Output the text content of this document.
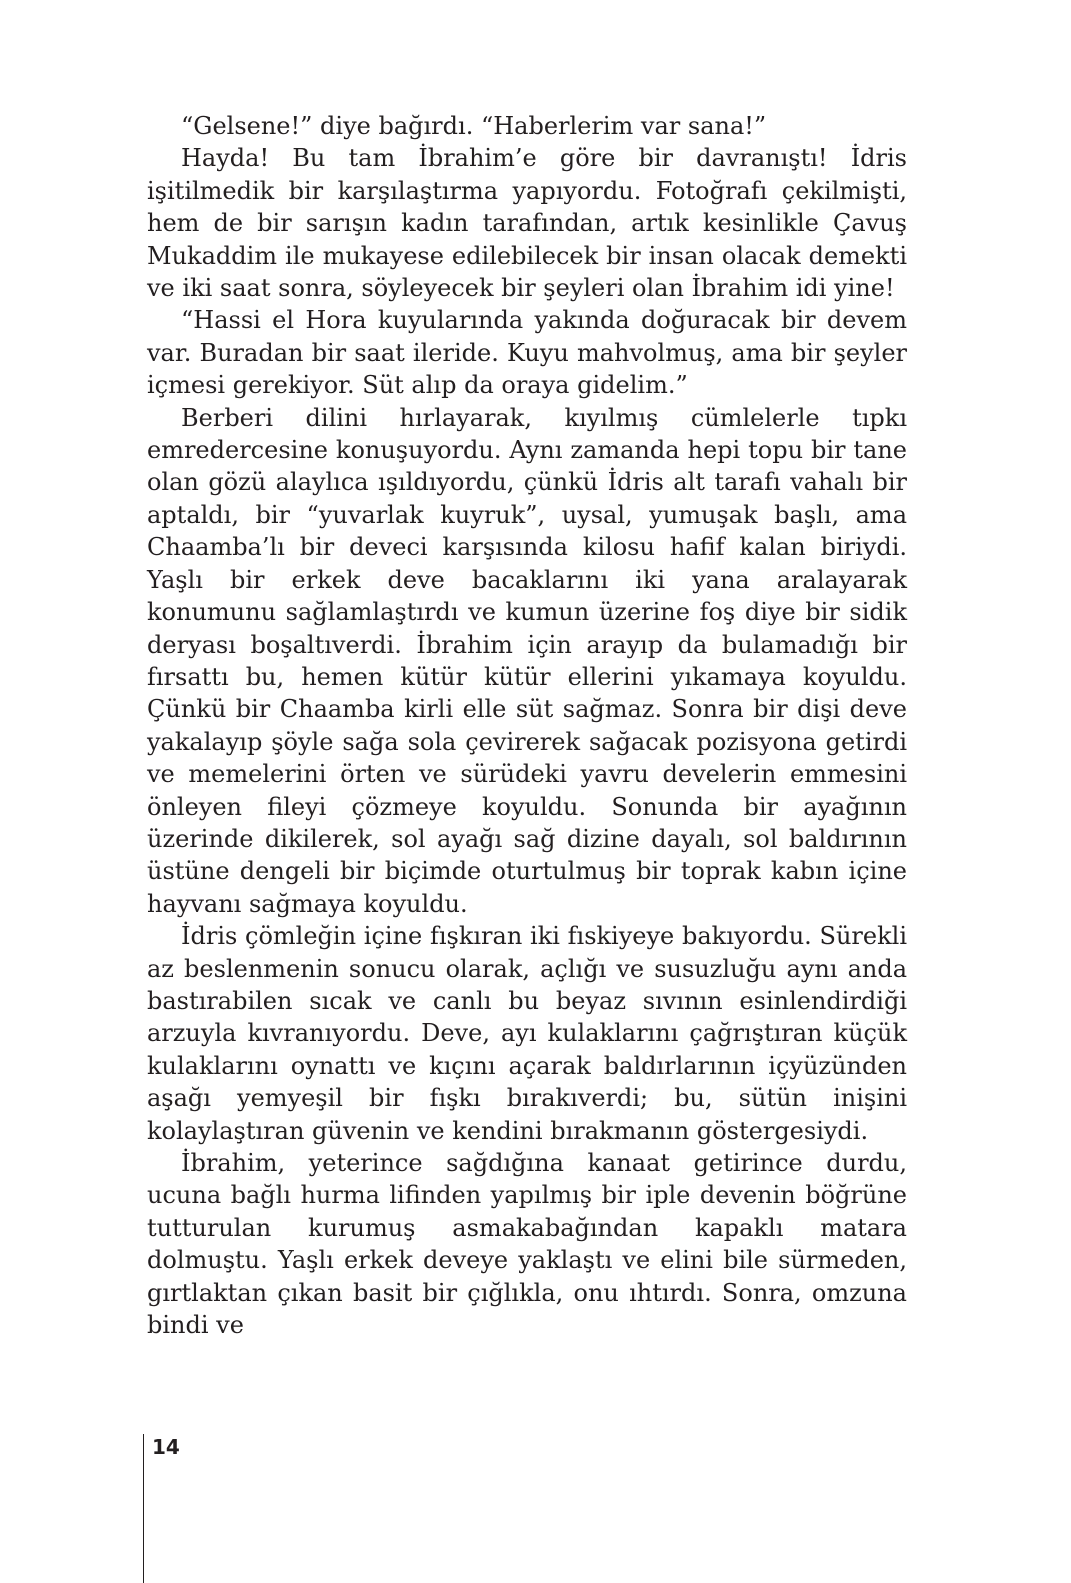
“Gelsene!” diye bağırdı. “Haberlerim var sana!”

Hayda! Bu tam İbrahim’e göre bir davranıştı! İdris işitilmedik bir karşılaştırma yapıyordu. Fotoğrafı çekilmişti, hem de bir sarışın kadın tarafından, artık kesinlikle Çavuş Mukaddim ile mukayese edilebilecek bir insan olacak demekti ve iki saat sonra, söyleyecek bir şeyleri olan İbrahim idi yine!

“Hassi el Hora kuyularında yakında doğuracak bir devem var. Buradan bir saat ileride. Kuyu mahvolmuş, ama bir şeyler içmesi gerekiyor. Süt alıp da oraya gidelim.”

Berberi dilini hırlayarak, kıyılmış cümlelerle tıpkı emredercesine konuşuyordu. Aynı zamanda hepi topu bir tane olan gözü alaylıca ışıldıyordu, çünkü İdris alt tarafı vahalı bir aptaldı, bir “yuvarlak kuyruk”, uysal, yumuşak başlı, ama Chaamba’lı bir deveci karşısında kilosu hafif kalan biriydi. Yaşlı bir erkek deve bacaklarını iki yana aralayarak konumunu sağlamlaştırdı ve kumun üzerine foş diye bir sidik deryası boşaltıverdi. İbrahim için arayıp da bulamadığı bir fırsattı bu, hemen kütür kütür ellerini yıkamaya koyuldu. Çünkü bir Chaamba kirli elle süt sağmaz. Sonra bir dişi deve yakalayıp şöyle sağa sola çevirerek sağacak pozisyona getirdi ve memelerini örten ve sürüdeki yavru develerin emmesini önleyen fileyi çözmeye koyuldu. Sonunda bir ayağının üzerinde dikilerek, sol ayağı sağ dizine dayalı, sol baldırının üstüne dengeli bir biçimde oturtulmuş bir toprak kabın içine hayvanı sağmaya koyuldu.

İdris çömleğin içine fışkıran iki fıskiyeye bakıyordu. Sürekli az beslenmenin sonucu olarak, açlığı ve susuzluğu aynı anda bastırabilen sıcak ve canlı bu beyaz sıvının esinlendirdiği arzuyla kıvranıyordu. Deve, ayı kulaklarını çağrıştıran küçük kulaklarını oynattı ve kıçını açarak baldırlarının içyüzünden aşağı yemyeşil bir fışkı bırakıverdi; bu, sütün inişini kolaylaştıran güvenin ve kendini bırakmanın göstergesiydi.

İbrahim, yeterince sağdığına kanaat getirince durdu, ucuna bağlı hurma lifinden yapılmış bir iple devenin böğrüne tutturulan kurumuş asmakabağından kapaklı matara dolmuştu. Yaşlı erkek deveye yaklaştı ve elini bile sürmeden, gırtlaktan çıkan basit bir çığlıkla, onu ıhtırdı. Sonra, omzuna bindi ve

14
